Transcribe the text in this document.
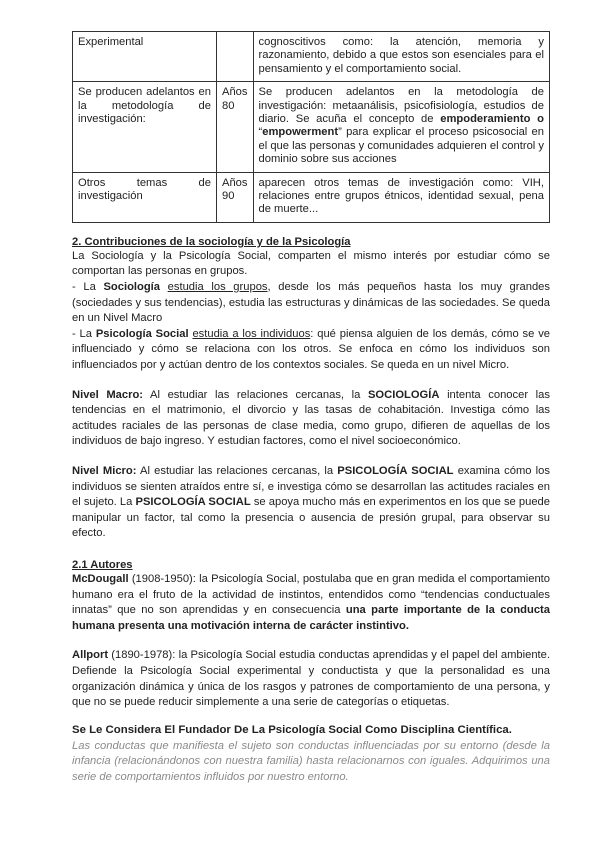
Experimental		cognoscitivos como: la atención, memoria y razonamiento, debido a que estos son esenciales para el pensamiento y el comportamiento social.
Se producen adelantos en la metodología de investigación:	Años 80	Se producen adelantos en la metodología de investigación: metaanálisis, psicofisiología, estudios de diario. Se acuña el concepto de empoderamiento o “empowerment” para explicar el proceso psicosocial en el que las personas y comunidades adquieren el control y dominio sobre sus acciones
Otros temas de investigación	Años 90	aparecen otros temas de investigación como: VIH, relaciones entre grupos étnicos, identidad sexual, pena de muerte...
2. Contribuciones de la sociología y de la Psicología

La Sociología y la Psicología Social, comparten el mismo interés por estudiar cómo se comportan las personas en grupos.

- La Sociología estudia los grupos, desde los más pequeños hasta los muy grandes (sociedades y sus tendencias), estudia las estructuras y dinámicas de las sociedades. Se queda en un Nivel Macro

- La Psicología Social estudia a los individuos: qué piensa alguien de los demás, cómo se ve influenciado y cómo se relaciona con los otros. Se enfoca en cómo los individuos son influenciados por y actúan dentro de los contextos sociales. Se queda en un nivel Micro.

Nivel Macro: Al estudiar las relaciones cercanas, la SOCIOLOGÍA intenta conocer las tendencias en el matrimonio, el divorcio y las tasas de cohabitación. Investiga cómo las actitudes raciales de las personas de clase media, como grupo, difieren de aquellas de los individuos de bajo ingreso. Y estudian factores, como el nivel socioeconómico.

Nivel Micro: Al estudiar las relaciones cercanas, la PSICOLOGÍA SOCIAL examina cómo los individuos se sienten atraídos entre sí, e investiga cómo se desarrollan las actitudes raciales en el sujeto. La PSICOLOGÍA SOCIAL se apoya mucho más en experimentos en los que se puede manipular un factor, tal como la presencia o ausencia de presión grupal, para observar su efecto.

2.1 Autores

McDougall (1908-1950): la Psicología Social, postulaba que en gran medida el comportamiento humano era el fruto de la actividad de instintos, entendidos como “tendencias conductuales innatas” que no son aprendidas y en consecuencia una parte importante de la conducta humana presenta una motivación interna de carácter instintivo.

Allport (1890-1978): la Psicología Social estudia conductas aprendidas y el papel del ambiente. Defiende la Psicología Social experimental y conductista y que la personalidad es una organización dinámica y única de los rasgos y patrones de comportamiento de una persona, y que no se puede reducir simplemente a una serie de categorías o etiquetas.

Se Le Considera El Fundador De La Psicología Social Como Disciplina Científica.

Las conductas que manifiesta el sujeto son conductas influenciadas por su entorno (desde la infancia (relacionándonos con nuestra familia) hasta relacionarnos con iguales. Adquirimos una serie de comportamientos influidos por nuestro entorno.
